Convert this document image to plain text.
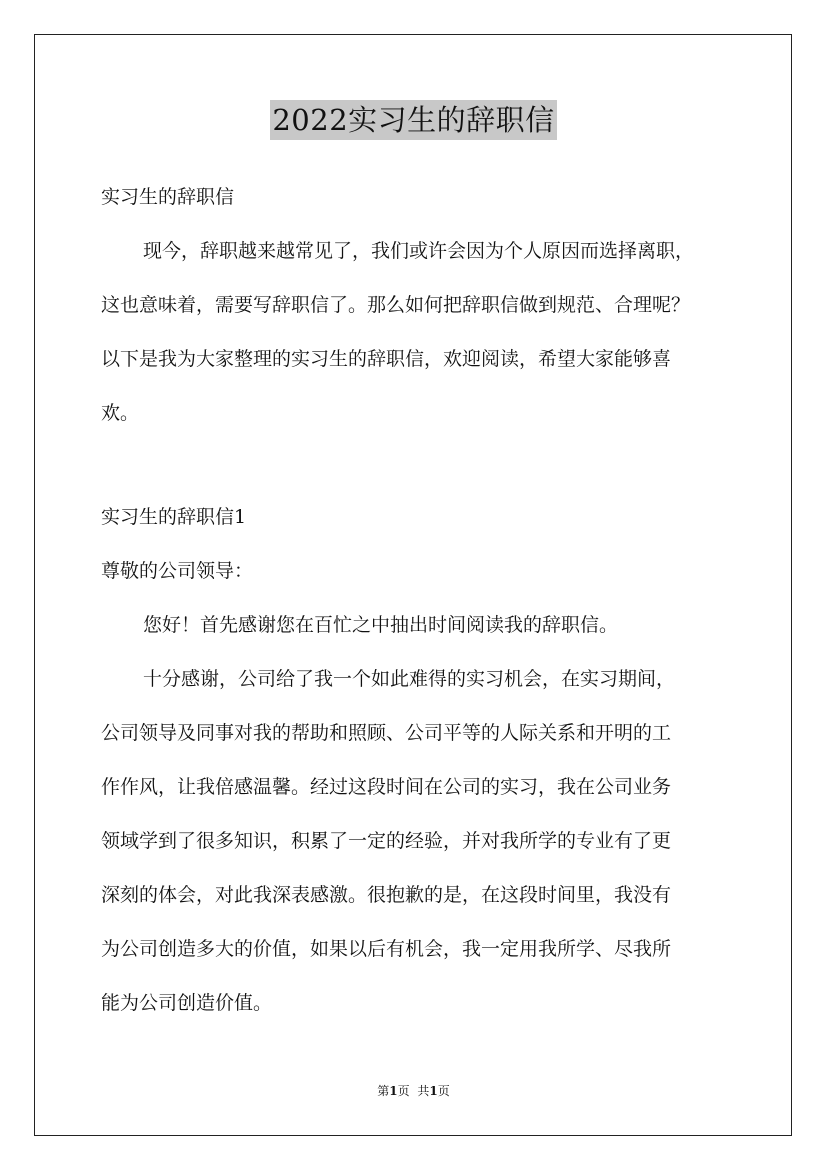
2022实习生的辞职信
实习生的辞职信
现今，辞职越来越常见了，我们或许会因为个人原因而选择离职，
这也意味着，需要写辞职信了。那么如何把辞职信做到规范、合理呢？
以下是我为大家整理的实习生的辞职信，欢迎阅读，希望大家能够喜
欢。
实习生的辞职信1
尊敬的公司领导：
您好！首先感谢您在百忙之中抽出时间阅读我的辞职信。
十分感谢，公司给了我一个如此难得的实习机会，在实习期间，
公司领导及同事对我的帮助和照顾、公司平等的人际关系和开明的工
作作风，让我倍感温馨。经过这段时间在公司的实习，我在公司业务
领域学到了很多知识，积累了一定的经验，并对我所学的专业有了更
深刻的体会，对此我深表感激。很抱歉的是，在这段时间里，我没有
为公司创造多大的价值，如果以后有机会，我一定用我所学、尽我所
能为公司创造价值。
第1页 共1页
